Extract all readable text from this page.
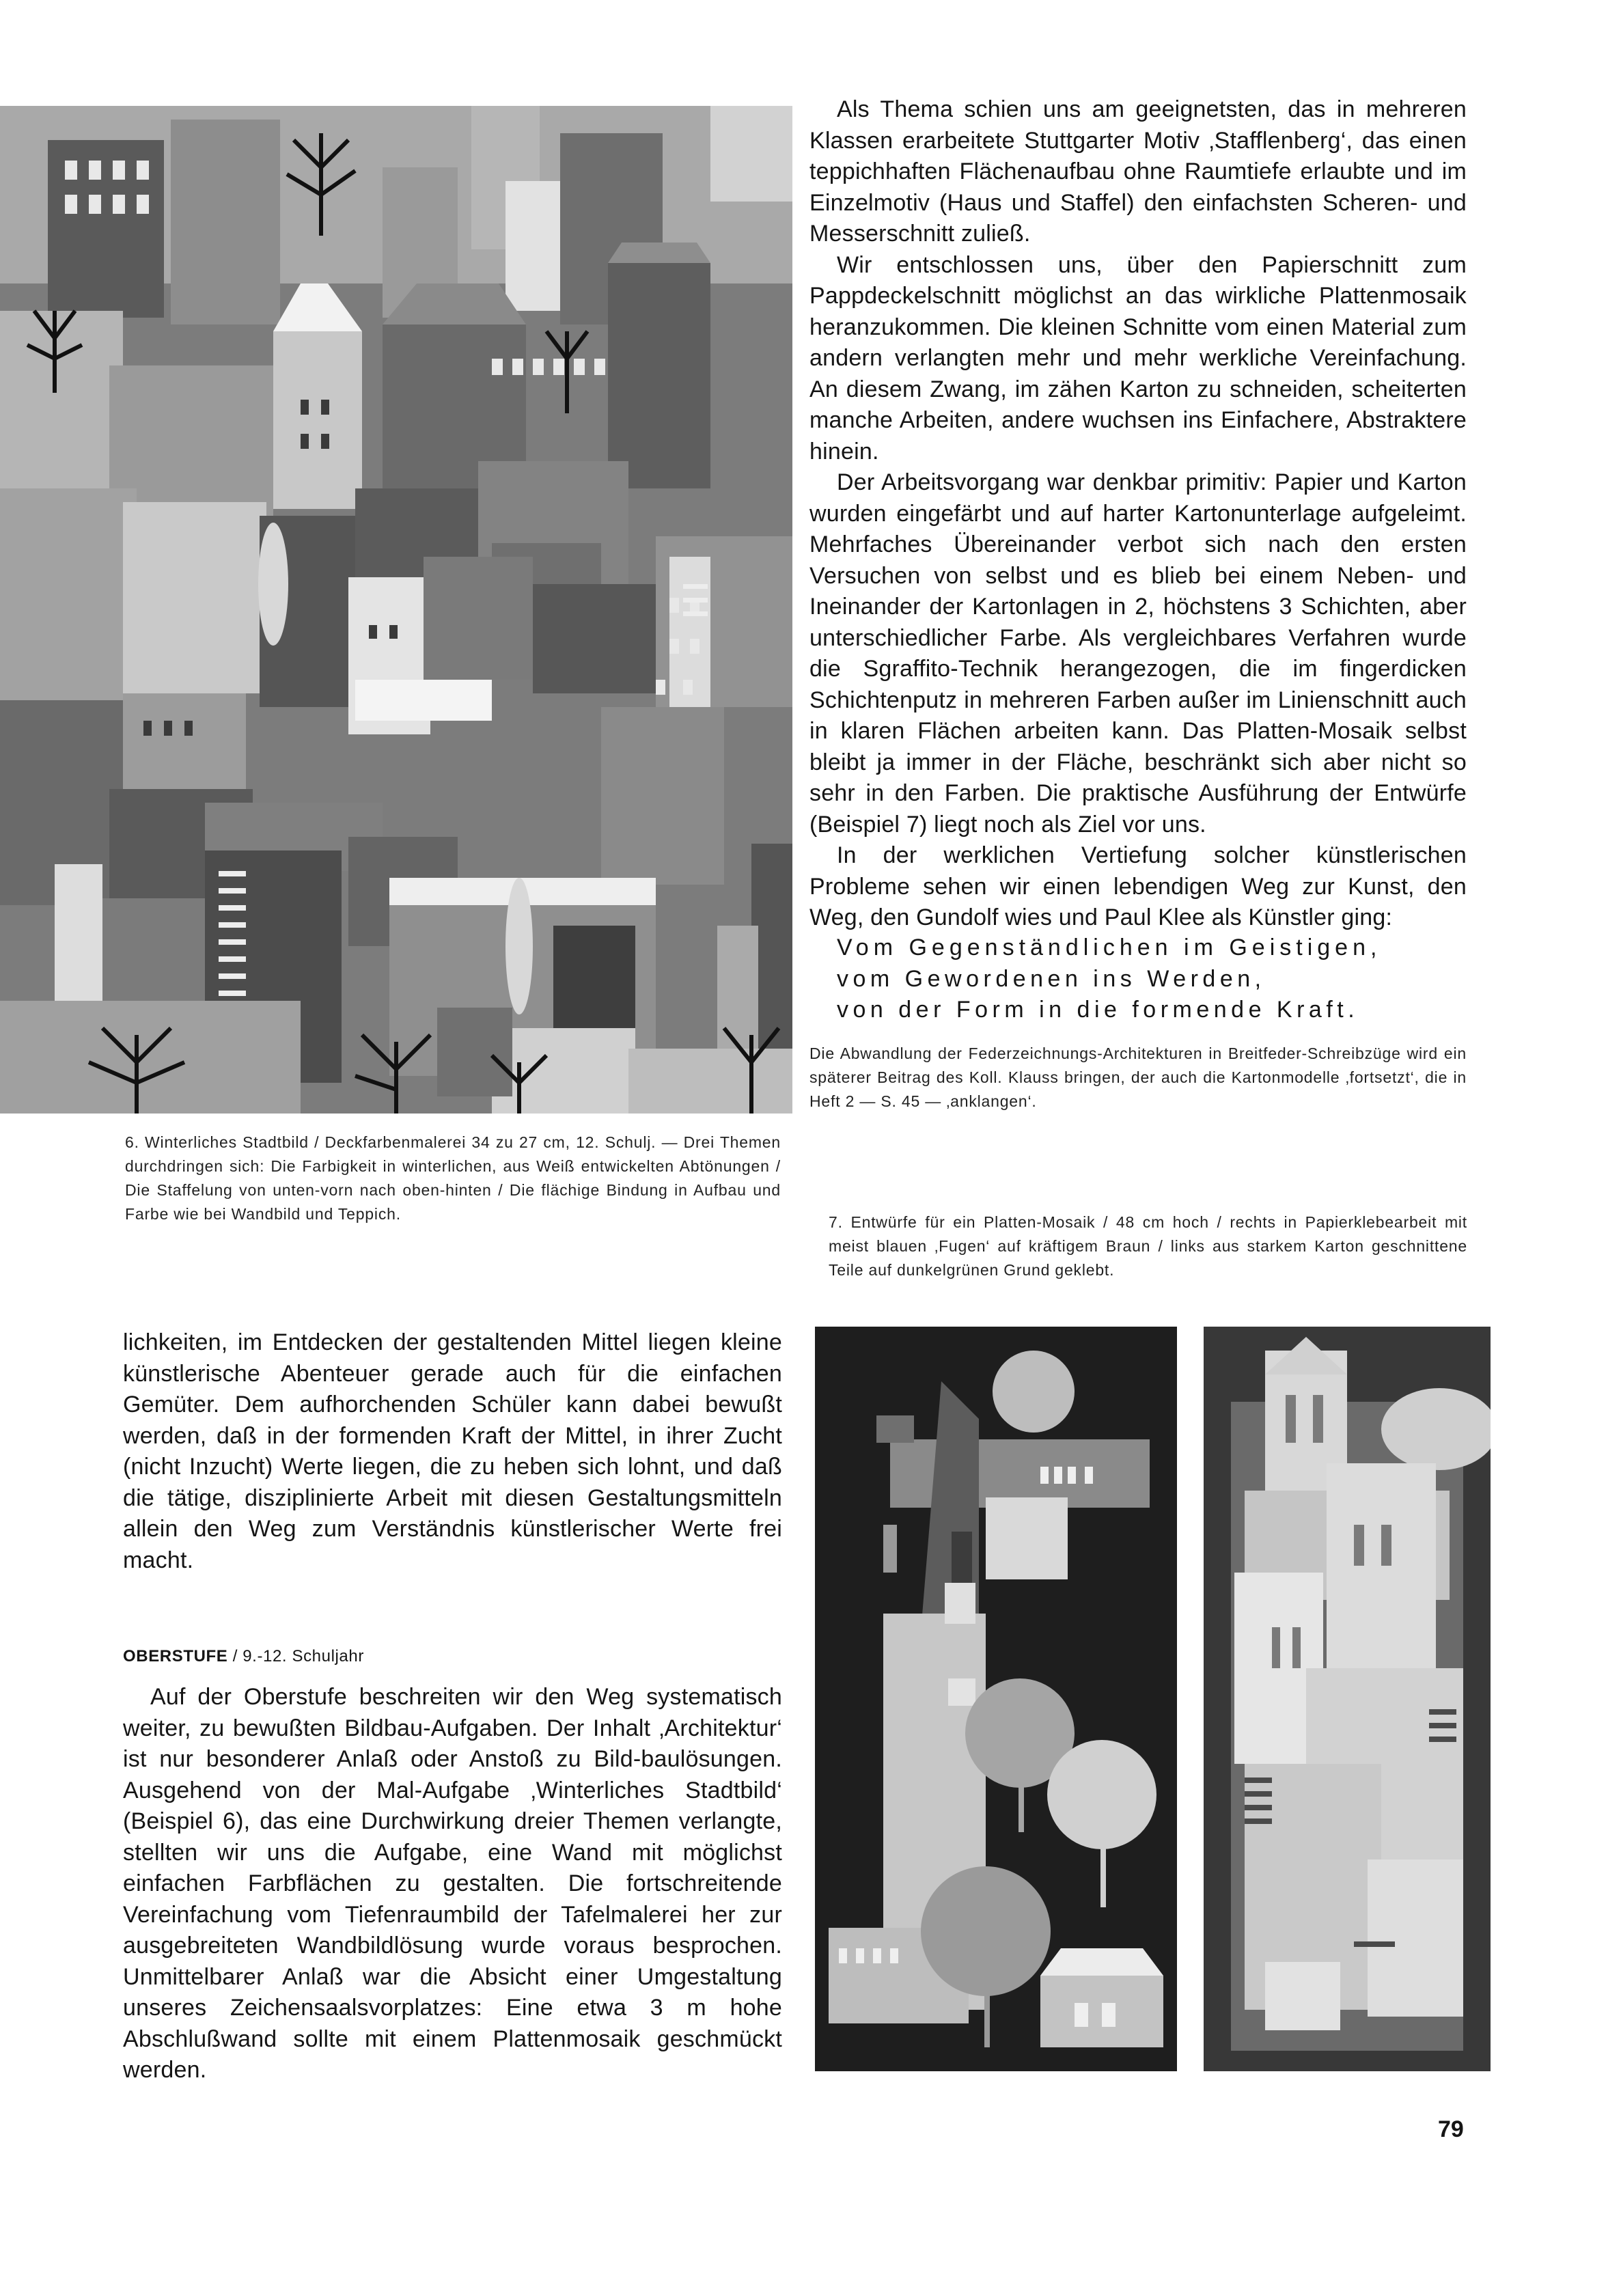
Als Thema schien uns am geeignetsten, das in mehreren Klassen erarbeitete Stuttgarter Motiv ‚Stafflenberg‘, das einen teppichhaften Flächenaufbau ohne Raumtiefe erlaubte und im Einzelmotiv (Haus und Staffel) den einfachsten Scheren- und Messerschnitt zuließ.

Wir entschlossen uns, über den Papierschnitt zum Pappdeckelschnitt möglichst an das wirkliche Plattenmosaik heranzukommen. Die kleinen Schnitte vom einen Material zum andern verlangten mehr und mehr werkliche Vereinfachung. An diesem Zwang, im zähen Karton zu schneiden, scheiterten manche Arbeiten, andere wuchsen ins Einfachere, Abstraktere hinein.

Der Arbeitsvorgang war denkbar primitiv: Papier und Karton wurden eingefärbt und auf harter Kartonunterlage aufgeleimt. Mehrfaches Übereinander verbot sich nach den ersten Versuchen von selbst und es blieb bei einem Neben- und Ineinander der Kartonlagen in 2, höchstens 3 Schichten, aber unterschiedlicher Farbe. Als vergleichbares Verfahren wurde die Sgraffito-Technik herangezogen, die im fingerdicken Schichtenputz in mehreren Farben außer im Linienschnitt auch in klaren Flächen arbeiten kann. Das Platten-Mosaik selbst bleibt ja immer in der Fläche, beschränkt sich aber nicht so sehr in den Farben. Die praktische Ausführung der Entwürfe (Beispiel 7) liegt noch als Ziel vor uns.

In der werklichen Vertiefung solcher künstlerischen Probleme sehen wir einen lebendigen Weg zur Kunst, den Weg, den Gundolf wies und Paul Klee als Künstler ging:

Vom Gegenständlichen im Geistigen,
vom Gewordenen ins Werden,
von der Form in die formende Kraft.
Die Abwandlung der Federzeichnungs-Architekturen in Breitfeder-Schreibzüge wird ein späterer Beitrag des Koll. Klauss bringen, der auch die Kartonmodelle ‚fortsetzt‘, die in Heft 2 — S. 45 — ‚anklangen‘.
6. Winterliches Stadtbild / Deckfarbenmalerei 34 zu 27 cm, 12. Schulj. — Drei Themen durchdringen sich: Die Farbigkeit in winterlichen, aus Weiß entwickelten Abtönungen / Die Staffelung von unten-vorn nach oben-hinten / Die flächige Bindung in Aufbau und Farbe wie bei Wandbild und Teppich.	7. Entwürfe für ein Platten-Mosaik / 48 cm hoch / rechts in Papierklebearbeit mit meist blauen ‚Fugen‘ auf kräftigem Braun / links aus starkem Karton geschnittene Teile auf dunkelgrünen Grund geklebt.

lichkeiten, im Entdecken der gestaltenden Mittel liegen kleine künstlerische Abenteuer gerade auch für die einfachen Gemüter. Dem aufhorchenden Schüler kann dabei bewußt werden, daß in der formenden Kraft der Mittel, in ihrer Zucht (nicht Inzucht) Werte liegen, die zu heben sich lohnt, und daß die tätige, disziplinierte Arbeit mit diesen Gestaltungsmitteln allein den Weg zum Verständnis künstlerischer Werte frei macht.

OBERSTUFE / 9.-12. Schuljahr

Auf der Oberstufe beschreiten wir den Weg systematisch weiter, zu bewußten Bildbau-Aufgaben. Der Inhalt ‚Architektur‘ ist nur besonderer Anlaß oder Anstoß zu Bild-baulösungen. Ausgehend von der Mal-Aufgabe ‚Winterliches Stadtbild‘ (Beispiel 6), das eine Durchwirkung dreier Themen verlangte, stellten wir uns die Aufgabe, eine Wand mit möglichst einfachen Farbflächen zu gestalten. Die fortschreitende Vereinfachung vom Tiefenraumbild der Tafelmalerei her zur ausgebreiteten Wandbildlösung wurde voraus besprochen. Unmittelbarer Anlaß war die Absicht einer Umgestaltung unseres Zeichensaalsvorplatzes: Eine etwa 3 m hohe Abschlußwand sollte mit einem Plattenmosaik geschmückt werden.

79
